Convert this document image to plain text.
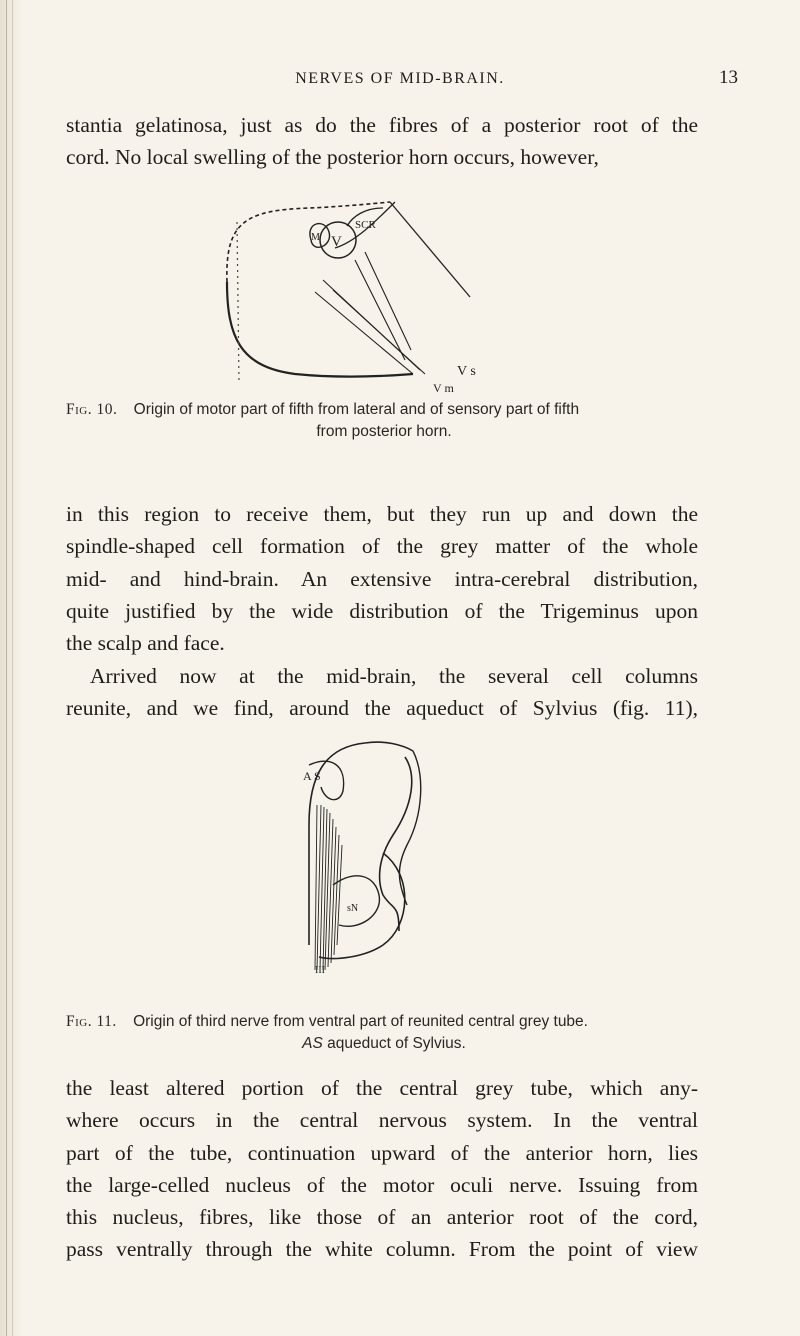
NERVES OF MID-BRAIN.	13
stantia gelatinosa, just as do the fibres of a posterior root of the
cord. No local swelling of the posterior horn occurs, however,
SCR
V
M
V s
V m
Fig. 10. Origin of motor part of fifth from lateral and of sensory part of fifth
from posterior horn.
in this region to receive them, but they run up and down the
spindle-shaped cell formation of the grey matter of the whole
mid- and hind-brain. An extensive intra-cerebral distribution,
quite justified by the wide distribution of the Trigeminus upon
the scalp and face.
Arrived now at the mid-brain, the several cell columns
reunite, and we find, around the aqueduct of Sylvius (fig. 11),
A S
sN
III
Fig. 11. Origin of third nerve from ventral part of reunited central grey tube.
AS aqueduct of Sylvius.
the least altered portion of the central grey tube, which any-
where occurs in the central nervous system. In the ventral
part of the tube, continuation upward of the anterior horn, lies
the large-celled nucleus of the motor oculi nerve. Issuing from
this nucleus, fibres, like those of an anterior root of the cord,
pass ventrally through the white column. From the point of view
